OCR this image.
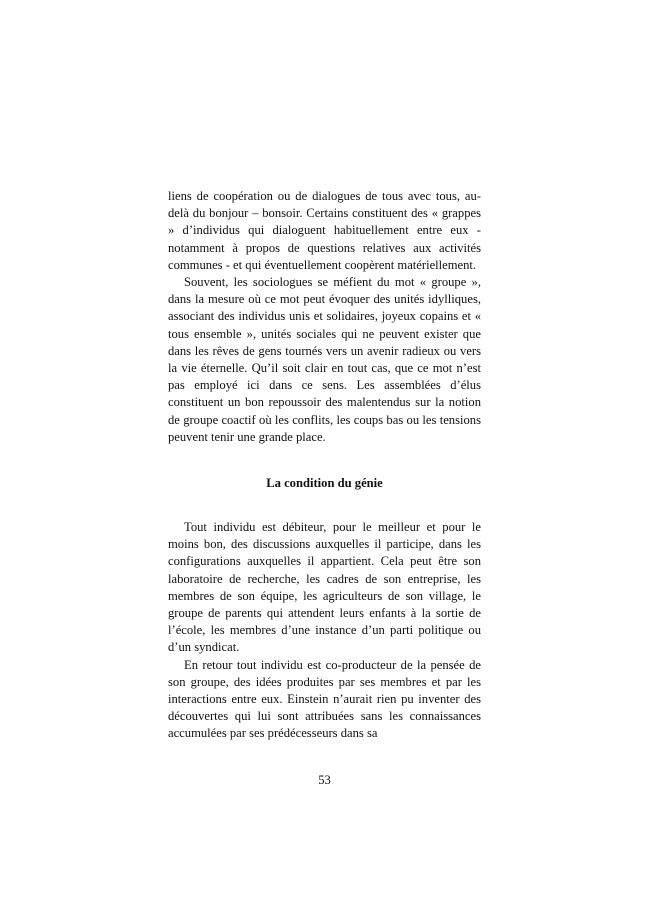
liens de coopération ou de dialogues de tous avec tous, au-delà du bonjour – bonsoir. Certains constituent des « grappes » d’individus qui dialoguent habituellement entre eux - notamment à propos de questions relatives aux activités communes - et qui éventuellement coopèrent matériellement.

Souvent, les sociologues se méfient du mot « groupe », dans la mesure où ce mot peut évoquer des unités idylliques, associant des individus unis et solidaires, joyeux copains et « tous ensemble », unités sociales qui ne peuvent exister que dans les rêves de gens tournés vers un avenir radieux ou vers la vie éternelle. Qu’il soit clair en tout cas, que ce mot n’est pas employé ici dans ce sens. Les assemblées d’élus constituent un bon repoussoir des malentendus sur la notion de groupe coactif où les conflits, les coups bas ou les tensions peuvent tenir une grande place.

La condition du génie

Tout individu est débiteur, pour le meilleur et pour le moins bon, des discussions auxquelles il participe, dans les configurations auxquelles il appartient. Cela peut être son laboratoire de recherche, les cadres de son entreprise, les membres de son équipe, les agriculteurs de son village, le groupe de parents qui attendent leurs enfants à la sortie de l’école, les membres d’une instance d’un parti politique ou d’un syndicat.

En retour tout individu est co-producteur de la pensée de son groupe, des idées produites par ses membres et par les interactions entre eux. Einstein n’aurait rien pu inventer des découvertes qui lui sont attribuées sans les connaissances accumulées par ses prédécesseurs dans sa

53
